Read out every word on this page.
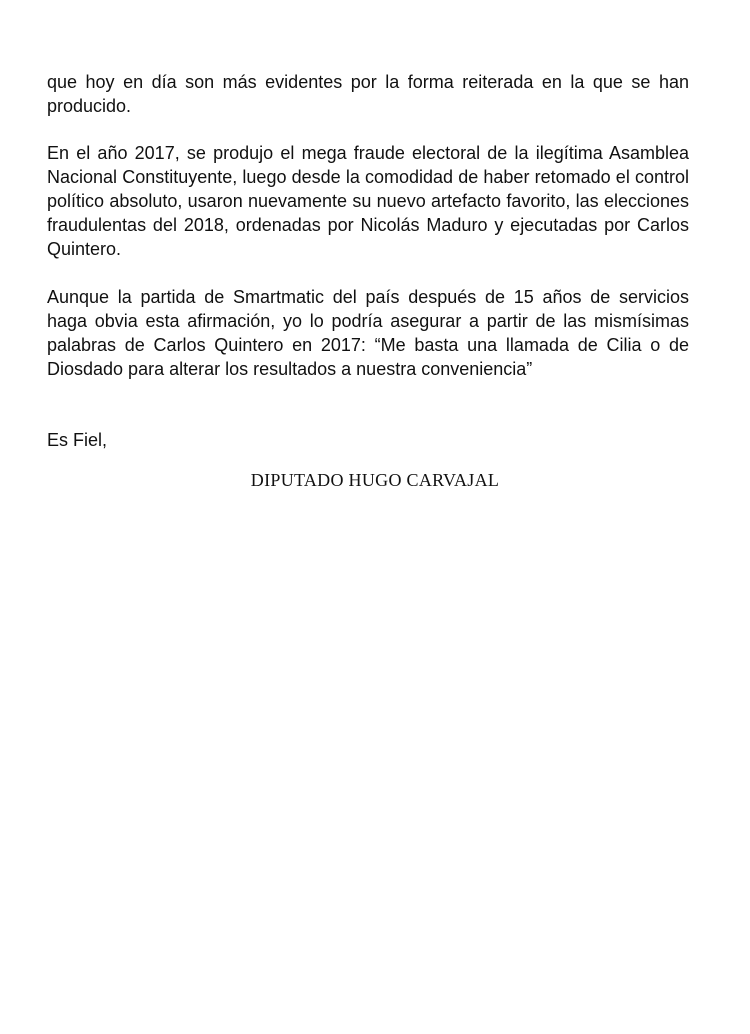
que hoy en día son más evidentes por la forma reiterada en la que se han producido.

En el año 2017, se produjo el mega fraude electoral de la ilegítima Asamblea Nacional Constituyente, luego desde la comodidad de haber retomado el control político absoluto, usaron nuevamente su nuevo artefacto favorito, las elecciones fraudulentas del 2018, ordenadas por Nicolás Maduro y ejecutadas por Carlos Quintero.

Aunque la partida de Smartmatic del país después de 15 años de servicios haga obvia esta afirmación, yo lo podría asegurar a partir de las mismísimas palabras de Carlos Quintero en 2017: “Me basta una llamada de Cilia o de Diosdado para alterar los resultados a nuestra conveniencia”

Es Fiel,

DIPUTADO HUGO CARVAJAL
